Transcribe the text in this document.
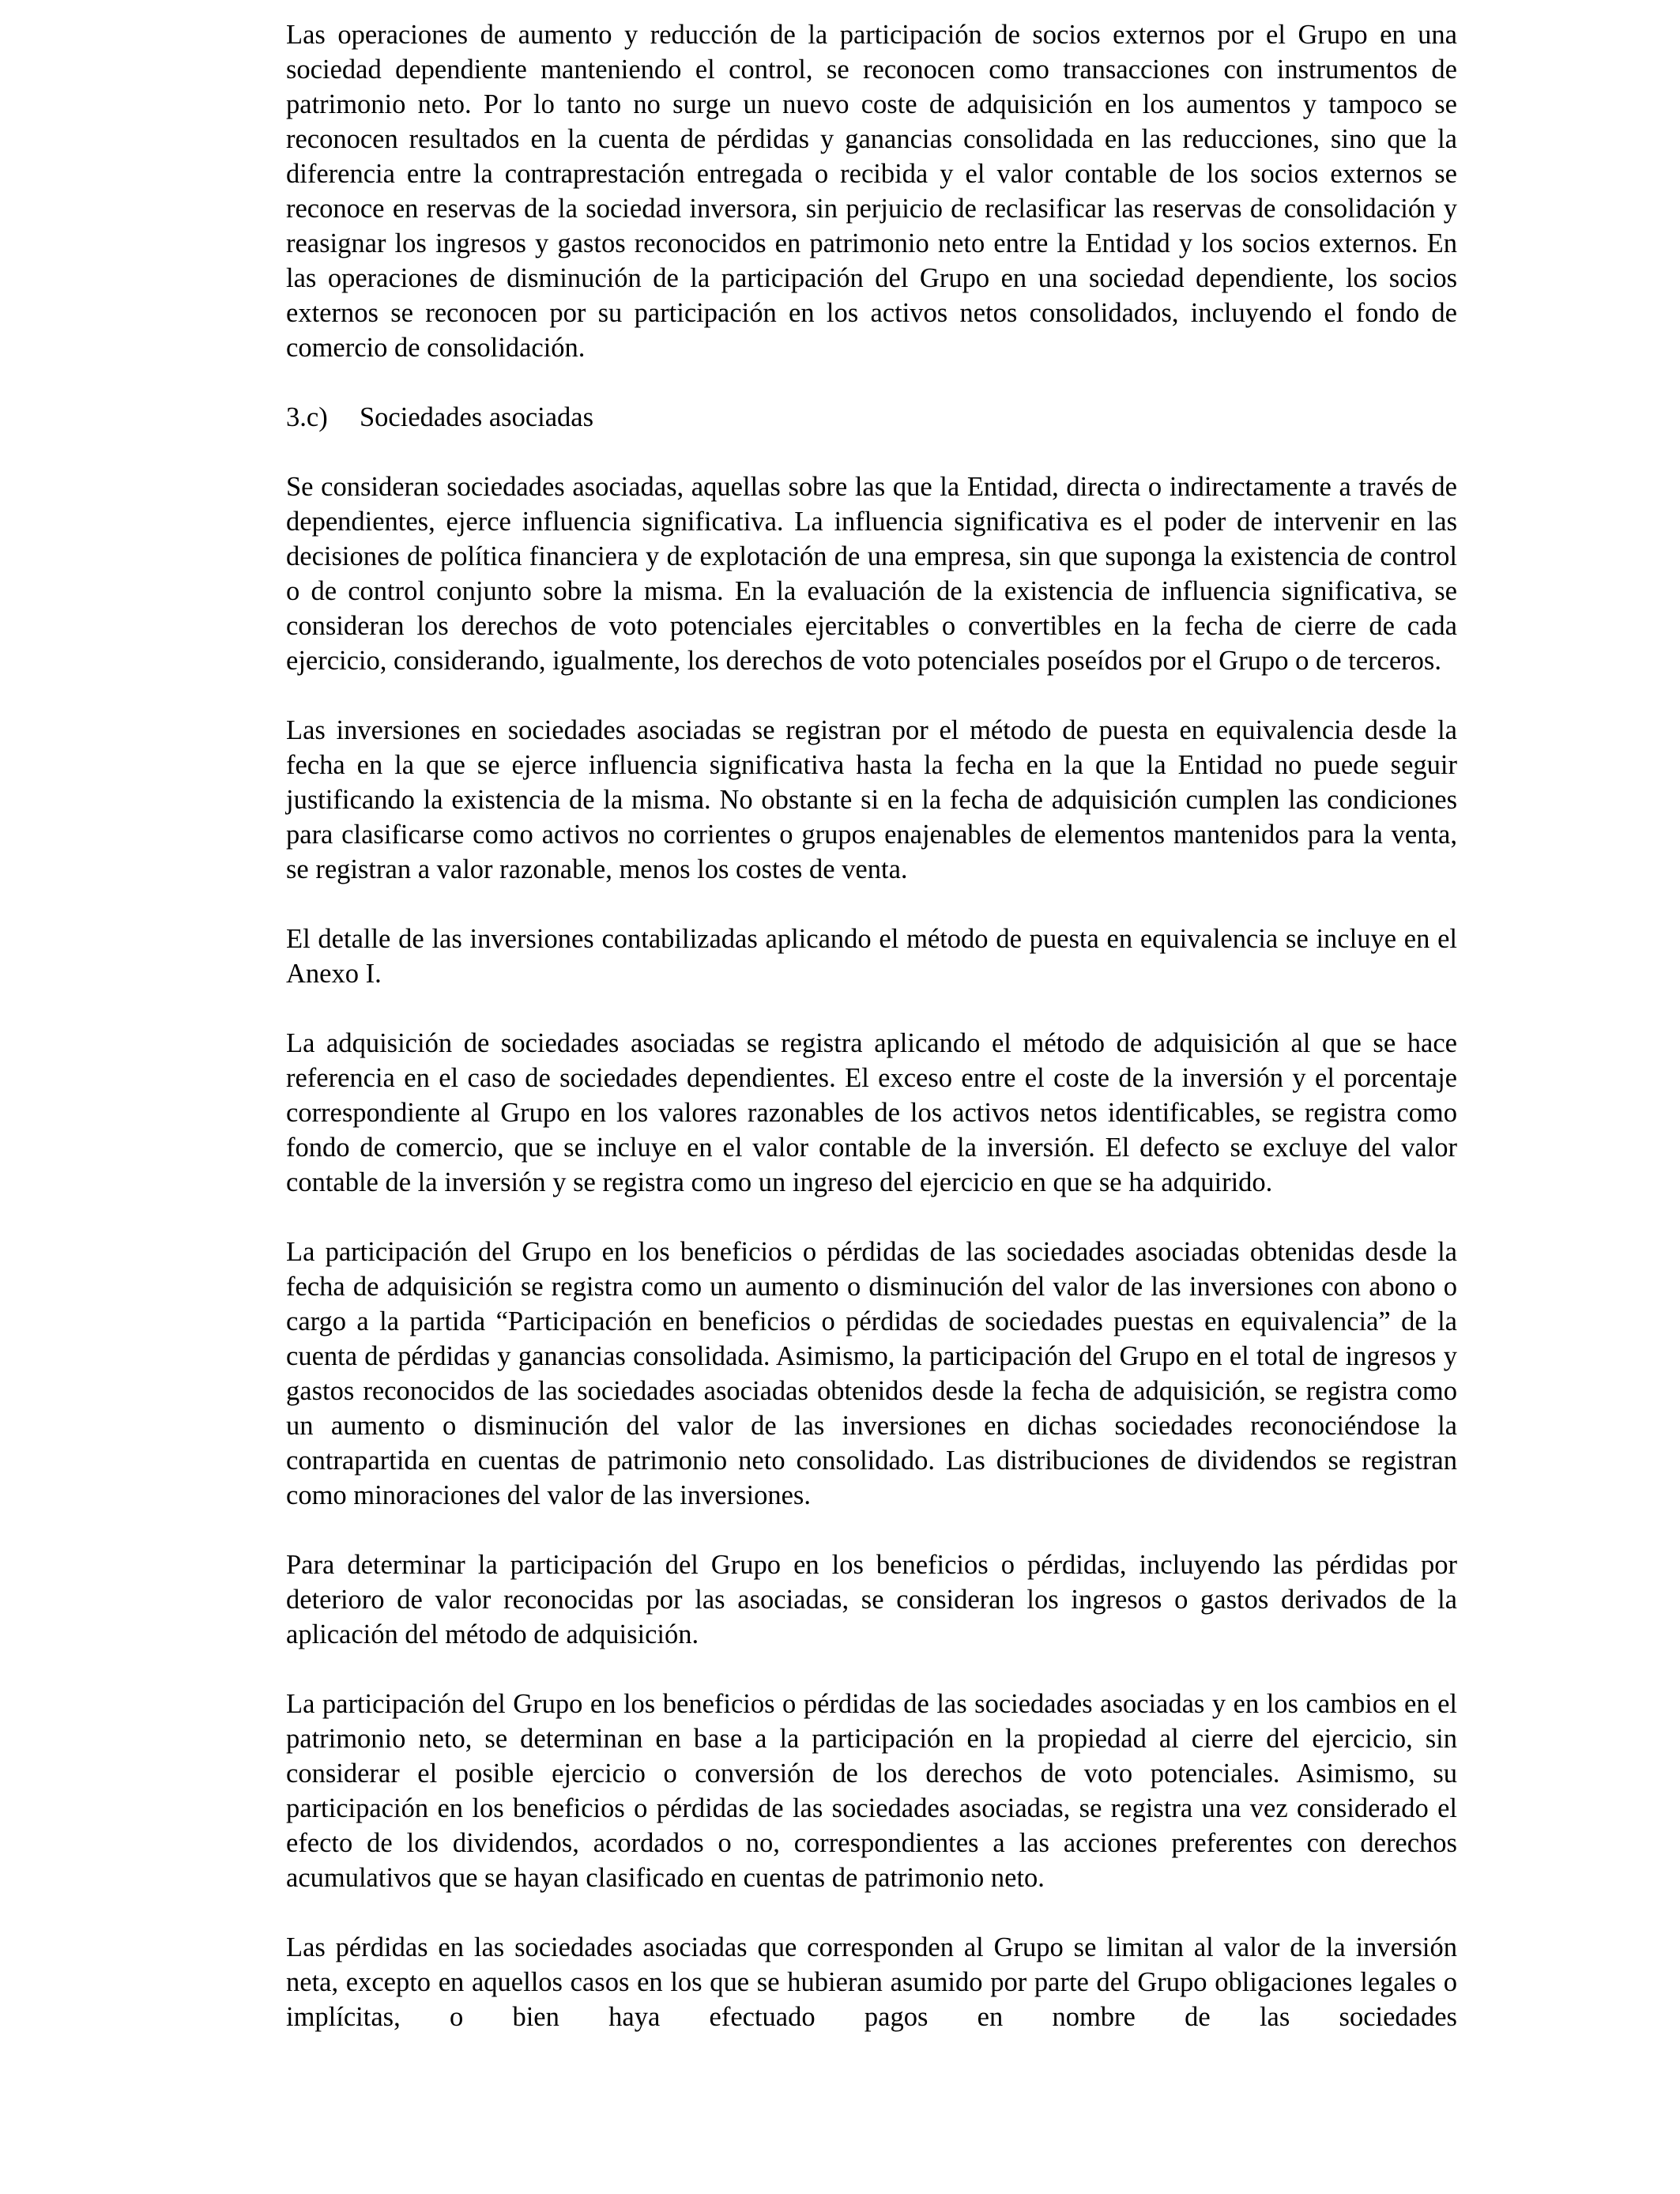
Las operaciones de aumento y reducción de la participación de socios externos por el Grupo en una sociedad dependiente manteniendo el control, se reconocen como transacciones con instrumentos de patrimonio neto. Por lo tanto no surge un nuevo coste de adquisición en los aumentos y tampoco se reconocen resultados en la cuenta de pérdidas y ganancias consolidada en las reducciones, sino que la diferencia entre la contraprestación entregada o recibida y el valor contable de los socios externos se reconoce en reservas de la sociedad inversora, sin perjuicio de reclasificar las reservas de consolidación y reasignar los ingresos y gastos reconocidos en patrimonio neto entre la Entidad y los socios externos. En las operaciones de disminución de la participación del Grupo en una sociedad dependiente, los socios externos se reconocen por su participación en los activos netos consolidados, incluyendo el fondo de comercio de consolidación.

3.c) Sociedades asociadas

Se consideran sociedades asociadas, aquellas sobre las que la Entidad, directa o indirectamente a través de dependientes, ejerce influencia significativa. La influencia significativa es el poder de intervenir en las decisiones de política financiera y de explotación de una empresa, sin que suponga la existencia de control o de control conjunto sobre la misma. En la evaluación de la existencia de influencia significativa, se consideran los derechos de voto potenciales ejercitables o convertibles en la fecha de cierre de cada ejercicio, considerando, igualmente, los derechos de voto potenciales poseídos por el Grupo o de terceros.

Las inversiones en sociedades asociadas se registran por el método de puesta en equivalencia desde la fecha en la que se ejerce influencia significativa hasta la fecha en la que la Entidad no puede seguir justificando la existencia de la misma. No obstante si en la fecha de adquisición cumplen las condiciones para clasificarse como activos no corrientes o grupos enajenables de elementos mantenidos para la venta, se registran a valor razonable, menos los costes de venta.

El detalle de las inversiones contabilizadas aplicando el método de puesta en equivalencia se incluye en el Anexo I.

La adquisición de sociedades asociadas se registra aplicando el método de adquisición al que se hace referencia en el caso de sociedades dependientes. El exceso entre el coste de la inversión y el porcentaje correspondiente al Grupo en los valores razonables de los activos netos identificables, se registra como fondo de comercio, que se incluye en el valor contable de la inversión. El defecto se excluye del valor contable de la inversión y se registra como un ingreso del ejercicio en que se ha adquirido.

La participación del Grupo en los beneficios o pérdidas de las sociedades asociadas obtenidas desde la fecha de adquisición se registra como un aumento o disminución del valor de las inversiones con abono o cargo a la partida “Participación en beneficios o pérdidas de sociedades puestas en equivalencia” de la cuenta de pérdidas y ganancias consolidada. Asimismo, la participación del Grupo en el total de ingresos y gastos reconocidos de las sociedades asociadas obtenidos desde la fecha de adquisición, se registra como un aumento o disminución del valor de las inversiones en dichas sociedades reconociéndose la contrapartida en cuentas de patrimonio neto consolidado. Las distribuciones de dividendos se registran como minoraciones del valor de las inversiones.

Para determinar la participación del Grupo en los beneficios o pérdidas, incluyendo las pérdidas por deterioro de valor reconocidas por las asociadas, se consideran los ingresos o gastos derivados de la aplicación del método de adquisición.

La participación del Grupo en los beneficios o pérdidas de las sociedades asociadas y en los cambios en el patrimonio neto, se determinan en base a la participación en la propiedad al cierre del ejercicio, sin considerar el posible ejercicio o conversión de los derechos de voto potenciales. Asimismo, su participación en los beneficios o pérdidas de las sociedades asociadas, se registra una vez considerado el efecto de los dividendos, acordados o no, correspondientes a las acciones preferentes con derechos acumulativos que se hayan clasificado en cuentas de patrimonio neto.

Las pérdidas en las sociedades asociadas que corresponden al Grupo se limitan al valor de la inversión neta, excepto en aquellos casos en los que se hubieran asumido por parte del Grupo obligaciones legales o implícitas, o bien haya efectuado pagos en nombre de las sociedades
